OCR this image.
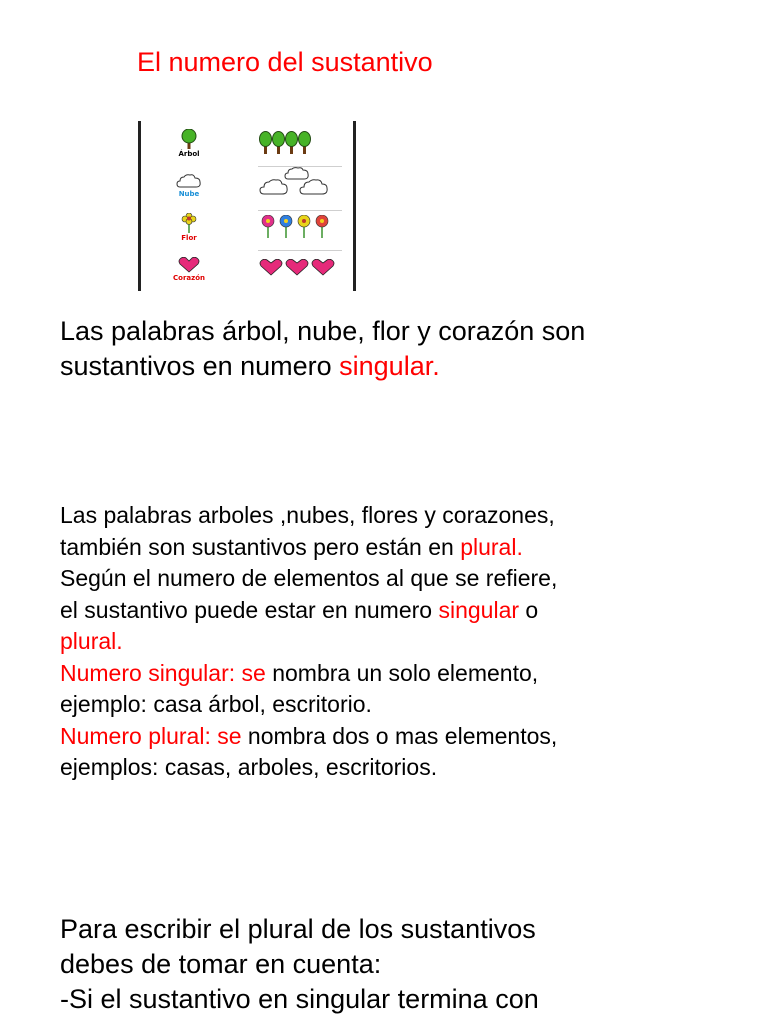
El numero del sustantivo
Árbol
Nube
Flor
Corazón
Las palabras árbol, nube, flor y corazón son
sustantivos en numero singular.
Las palabras arboles ,nubes, flores y corazones,
también son sustantivos pero están en plural.
Según el numero de elementos al que se refiere,
el sustantivo puede estar en numero singular o
plural.
Numero singular: se nombra un solo elemento,
ejemplo: casa árbol, escritorio.
Numero plural: se nombra dos o mas elementos,
ejemplos: casas, arboles, escritorios.
Para escribir el plural de los sustantivos
debes de tomar en cuenta:
-Si el sustantivo en singular termina con
